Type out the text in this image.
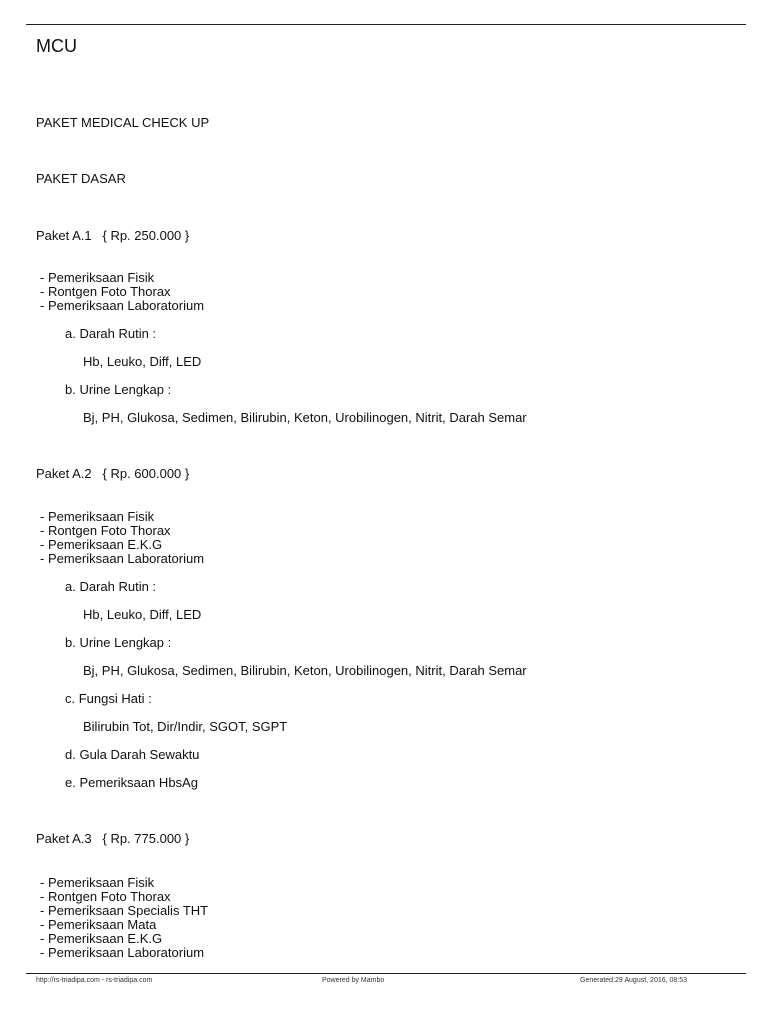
MCU
PAKET MEDICAL CHECK UP
PAKET DASAR
Paket A.1   { Rp. 250.000 }
- Pemeriksaan Fisik
- Rontgen Foto Thorax
- Pemeriksaan Laboratorium
a. Darah Rutin :
Hb, Leuko, Diff, LED
b. Urine Lengkap :
Bj, PH, Glukosa, Sedimen, Bilirubin, Keton, Urobilinogen, Nitrit, Darah Semar
Paket A.2   { Rp. 600.000 }
- Pemeriksaan Fisik
- Rontgen Foto Thorax
- Pemeriksaan E.K.G
- Pemeriksaan Laboratorium
a. Darah Rutin :
Hb, Leuko, Diff, LED
b. Urine Lengkap :
Bj, PH, Glukosa, Sedimen, Bilirubin, Keton, Urobilinogen, Nitrit, Darah Semar
c. Fungsi Hati :
Bilirubin Tot, Dir/Indir, SGOT, SGPT
d. Gula Darah Sewaktu
e. Pemeriksaan HbsAg
Paket A.3   { Rp. 775.000 }
- Pemeriksaan Fisik
- Rontgen Foto Thorax
- Pemeriksaan Specialis THT
- Pemeriksaan Mata
- Pemeriksaan E.K.G
- Pemeriksaan Laboratorium
http://rs-triadipa.com - rs-triadipa.com	Powered by Mambo	Generated:29 August, 2016, 08:53
